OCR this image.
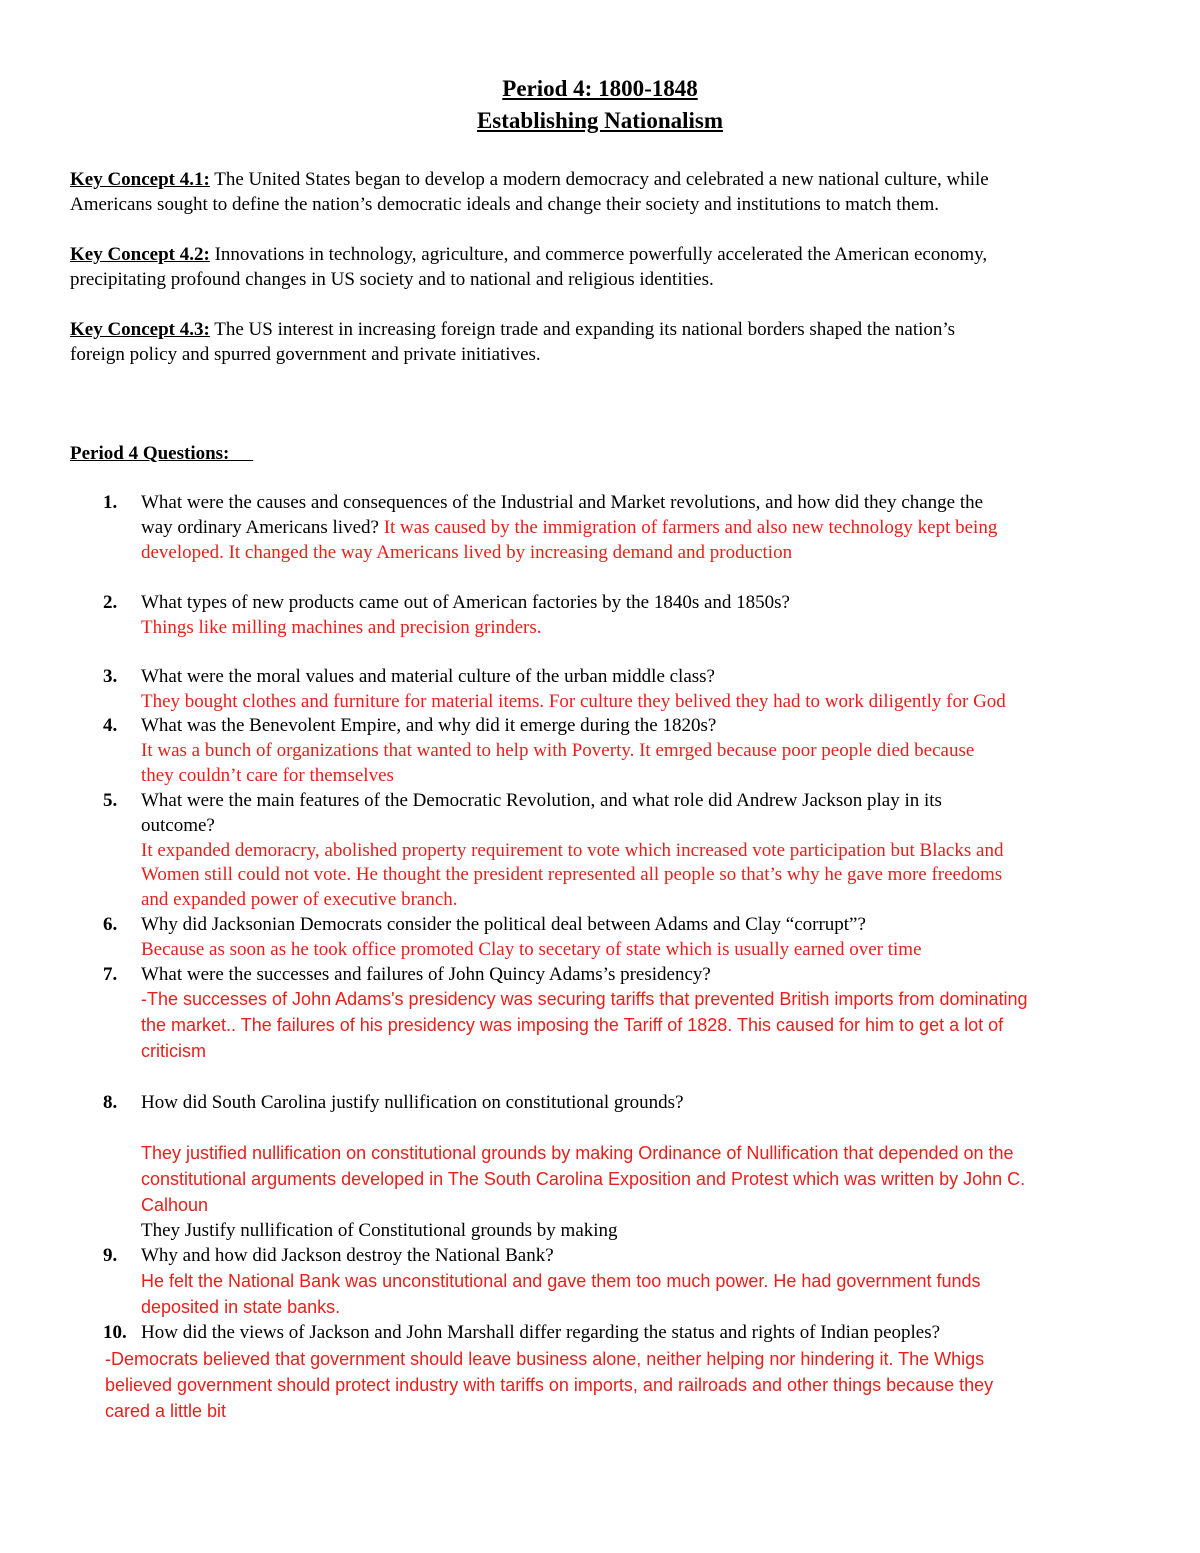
Period 4: 1800-1848
Establishing Nationalism
Key Concept 4.1: The United States began to develop a modern democracy and celebrated a new national culture, while
Americans sought to define the nation’s democratic ideals and change their society and institutions to match them.
Key Concept 4.2: Innovations in technology, agriculture, and commerce powerfully accelerated the American economy,
precipitating profound changes in US society and to national and religious identities.
Key Concept 4.3: The US interest in increasing foreign trade and expanding its national borders shaped the nation’s
foreign policy and spurred government and private initiatives.
Period 4 Questions:
1. What were the causes and consequences of the Industrial and Market revolutions, and how did they change the
way ordinary Americans lived? It was caused by the immigration of farmers and also new technology kept being
developed. It changed the way Americans lived by increasing demand and production
2. What types of new products came out of American factories by the 1840s and 1850s?
Things like milling machines and precision grinders.
3. What were the moral values and material culture of the urban middle class?
They bought clothes and furniture for material items. For culture they belived they had to work diligently for God
4. What was the Benevolent Empire, and why did it emerge during the 1820s?
It was a bunch of organizations that wanted to help with Poverty. It emrged because poor people died because
they couldn’t care for themselves
5. What were the main features of the Democratic Revolution, and what role did Andrew Jackson play in its
outcome?
It expanded demoracry, abolished property requirement to vote which increased vote participation but Blacks and
Women still could not vote. He thought the president represented all people so that’s why he gave more freedoms
and expanded power of executive branch.
6. Why did Jacksonian Democrats consider the political deal between Adams and Clay “corrupt”?
Because as soon as he took office promoted Clay to secetary of state which is usually earned over time
7. What were the successes and failures of John Quincy Adams’s presidency?
-The successes of John Adams's presidency was securing tariffs that prevented British imports from dominating
the market.. The failures of his presidency was imposing the Tariff of 1828. This caused for him to get a lot of
criticism
8. How did South Carolina justify nullification on constitutional grounds?
They justified nullification on constitutional grounds by making Ordinance of Nullification that depended on the
constitutional arguments developed in The South Carolina Exposition and Protest which was written by John C.
Calhoun
They Justify nullification of Constitutional grounds by making
9. Why and how did Jackson destroy the National Bank?
He felt the National Bank was unconstitutional and gave them too much power. He had government funds
deposited in state banks.
10. How did the views of Jackson and John Marshall differ regarding the status and rights of Indian peoples?
-Democrats believed that government should leave business alone, neither helping nor hindering it. The Whigs
believed government should protect industry with tariffs on imports, and railroads and other things because they
cared a little bit
